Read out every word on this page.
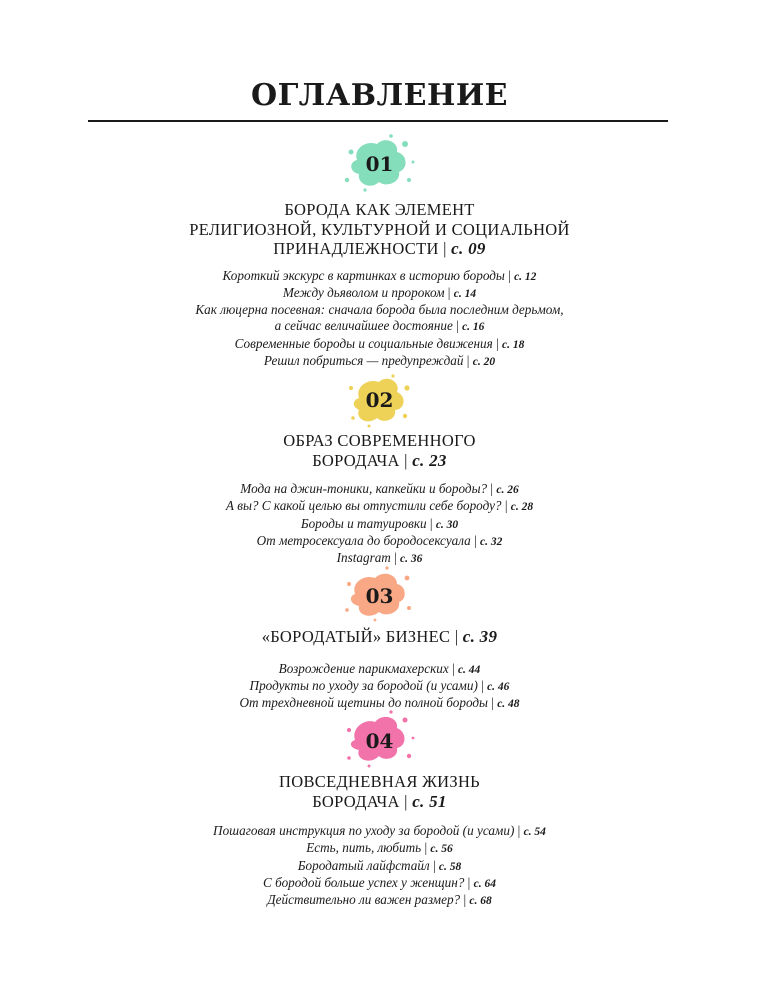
ОГЛАВЛЕНИЕ
01

БОРОДА КАК ЭЛЕМЕНТ

РЕЛИГИОЗНОЙ, КУЛЬТУРНОЙ И СОЦИАЛЬНОЙ

ПРИНАДЛЕЖНОСТИ | с. 09

Короткий экскурс в картинках в историю бороды | с. 12
Между дьяволом и пророком | с. 14
Как люцерна посевная: сначала борода была последним дерьмом,
а сейчас величайшее достояние | с. 16
Современные бороды и социальные движения | с. 18
Решил побриться — предупреждай | с. 20
02

ОБРАЗ СОВРЕМЕННОГО

БОРОДАЧА | с. 23

Мода на джин-тоники, капкейки и бороды? | с. 26
А вы? С какой целью вы отпустили себе бороду? | с. 28
Бороды и татуировки | с. 30
От метросексуала до бородосексуала | с. 32
Instagram | с. 36
03

«БОРОДАТЫЙ» БИЗНЕС | с. 39

Возрождение парикмахерских | с. 44
Продукты по уходу за бородой (и усами) | с. 46
От трехдневной щетины до полной бороды | с. 48
04

ПОВСЕДНЕВНАЯ ЖИЗНЬ

БОРОДАЧА | с. 51

Пошаговая инструкция по уходу за бородой (и усами) | с. 54
Есть, пить, любить | с. 56
Бородатый лайфстайл | с. 58
С бородой больше успех у женщин? | с. 64
Действительно ли важен размер? | с. 68
